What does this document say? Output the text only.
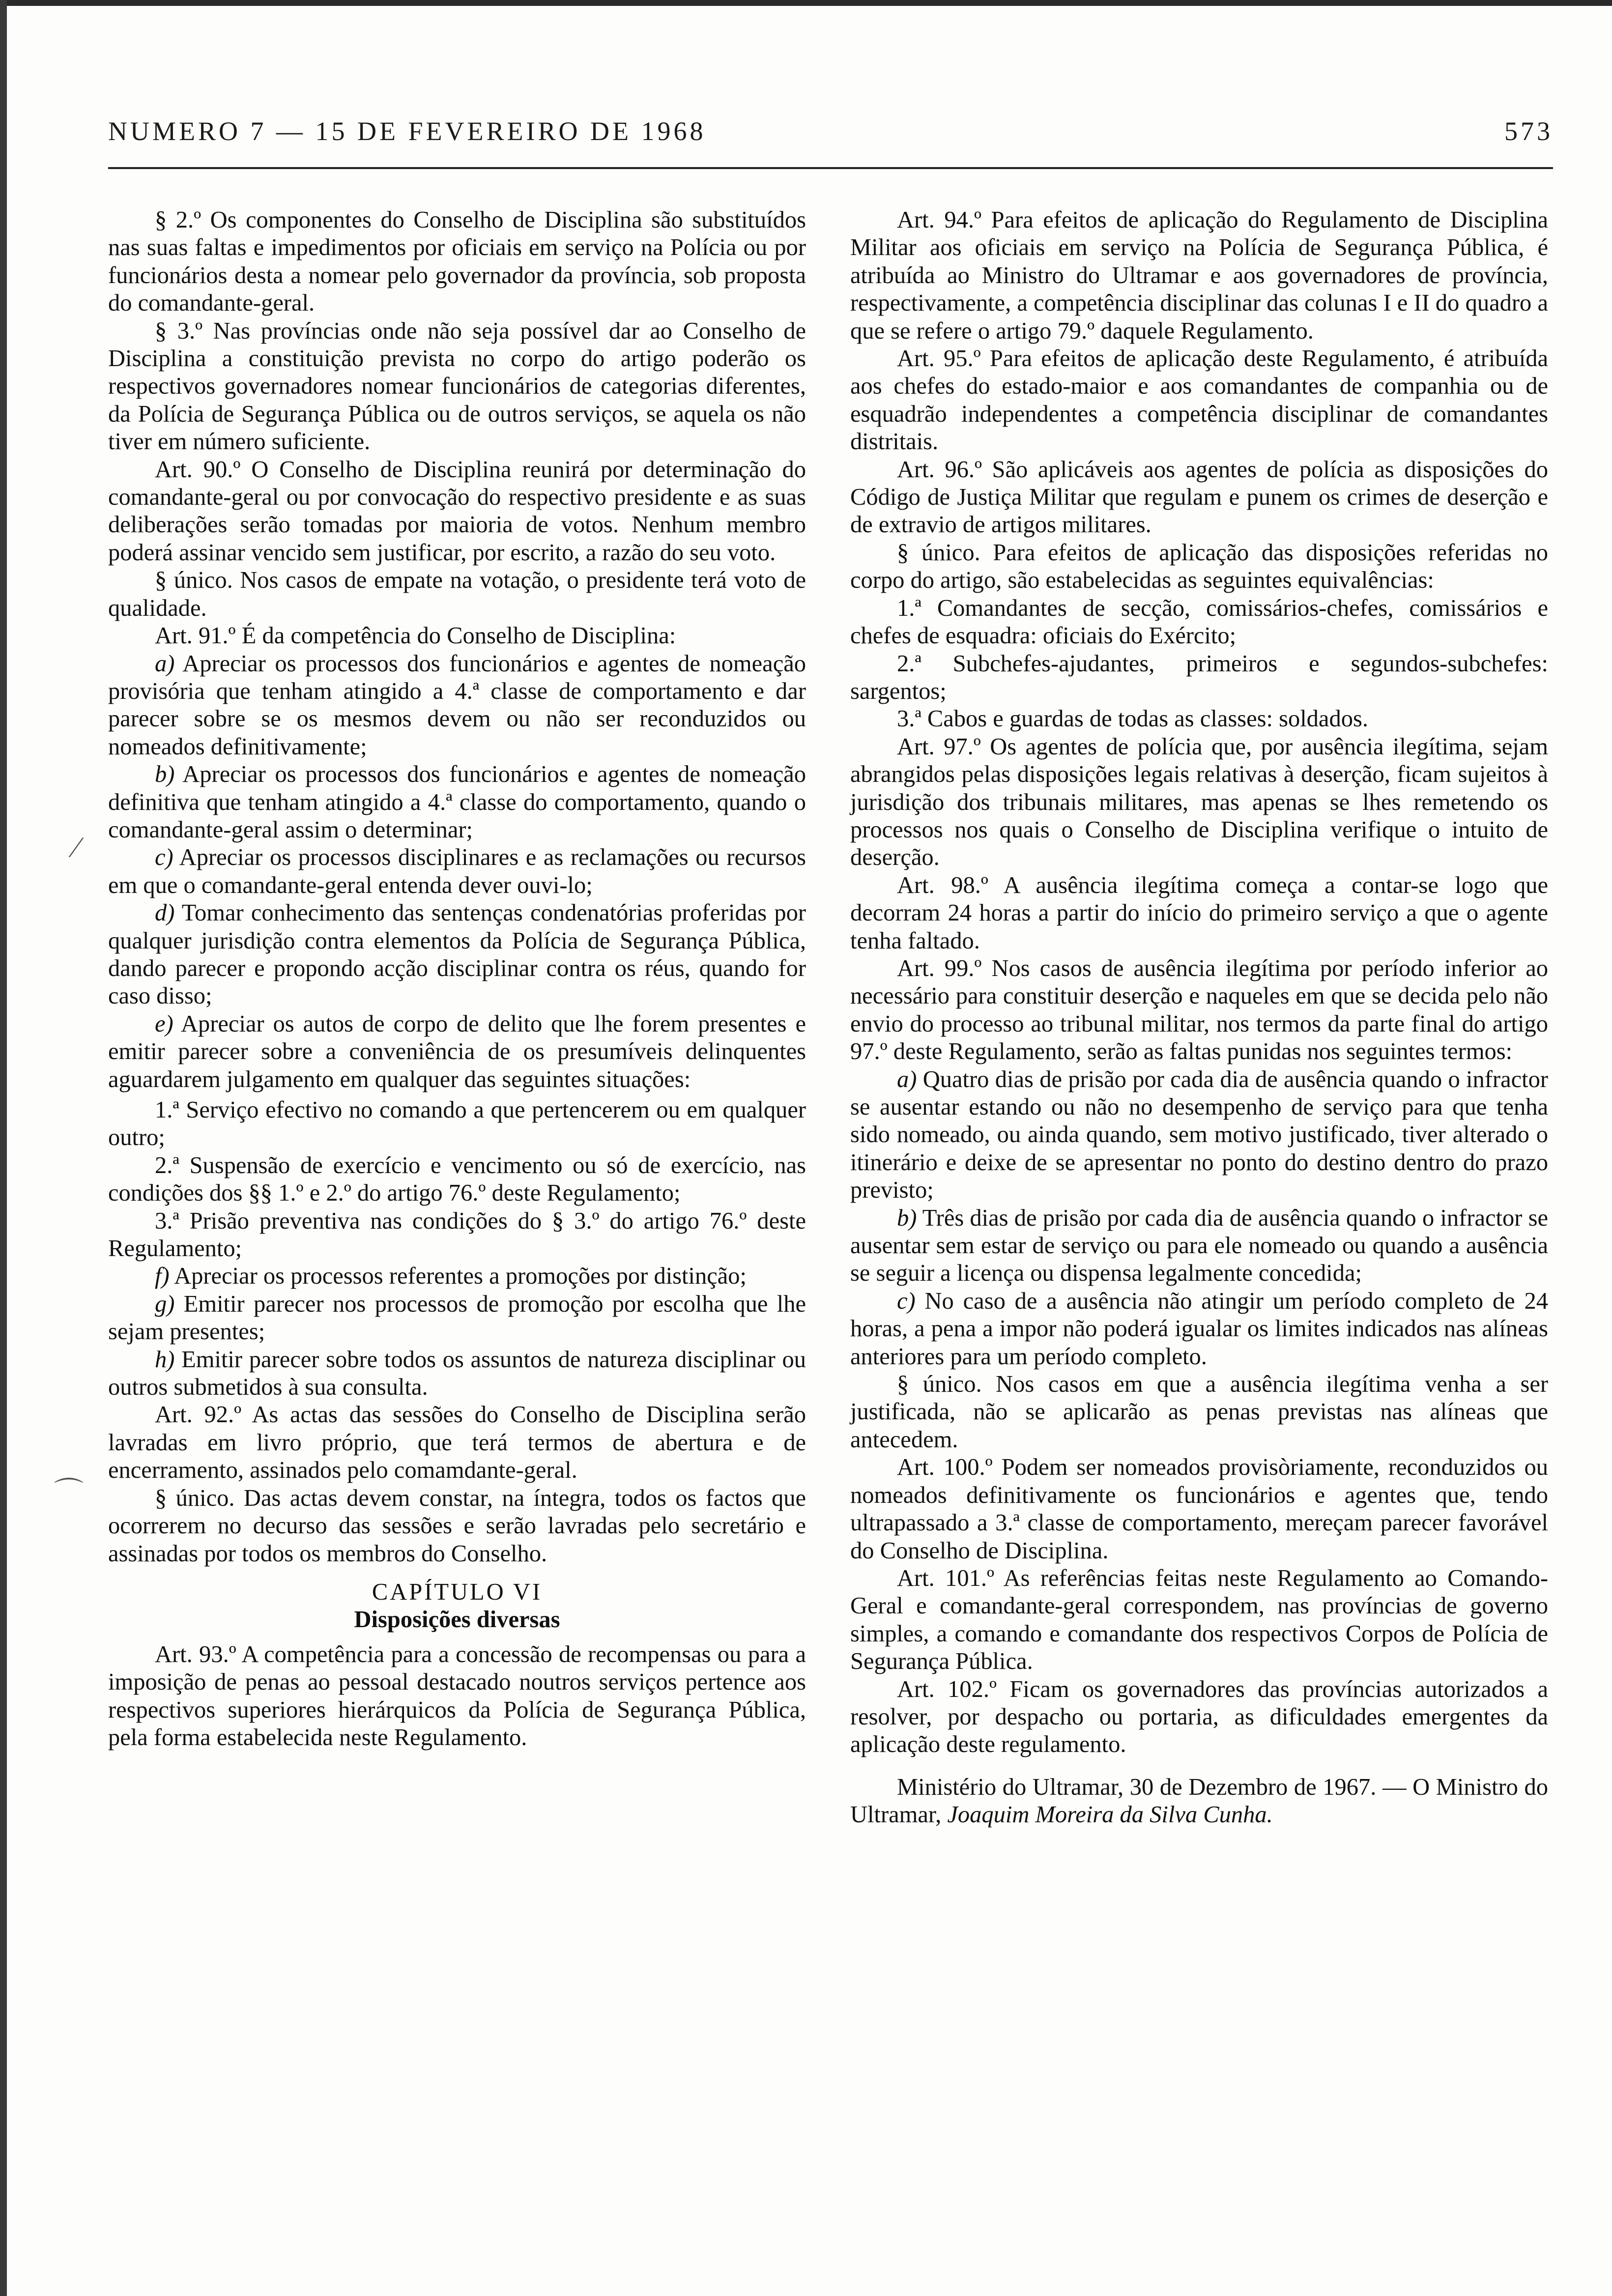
NUMERO 7 — 15 DE FEVEREIRO DE 1968	573

§ 2.º Os componentes do Conselho de Disciplina são substituídos nas suas faltas e impedimentos por oficiais em serviço na Polícia ou por funcionários desta a nomear pelo governador da província, sob proposta do comandante-geral.

§ 3.º Nas províncias onde não seja possível dar ao Conselho de Disciplina a constituição prevista no corpo do artigo poderão os respectivos governadores nomear funcionários de categorias diferentes, da Polícia de Segurança Pública ou de outros serviços, se aquela os não tiver em número suficiente.

Art. 90.º O Conselho de Disciplina reunirá por determinação do comandante-geral ou por convocação do respectivo presidente e as suas deliberações serão tomadas por maioria de votos. Nenhum membro poderá assinar vencido sem justificar, por escrito, a razão do seu voto.

§ único. Nos casos de empate na votação, o presidente terá voto de qualidade.

Art. 91.º É da competência do Conselho de Disciplina:

a) Apreciar os processos dos funcionários e agentes de nomeação provisória que tenham atingido a 4.ª classe de comportamento e dar parecer sobre se os mesmos devem ou não ser reconduzidos ou nomeados definitivamente;

b) Apreciar os processos dos funcionários e agentes de nomeação definitiva que tenham atingido a 4.ª classe do comportamento, quando o comandante-geral assim o determinar;

c) Apreciar os processos disciplinares e as reclamações ou recursos em que o comandante-geral entenda dever ouvi-lo;

d) Tomar conhecimento das sentenças condenatórias proferidas por qualquer jurisdição contra elementos da Polícia de Segurança Pública, dando parecer e propondo acção disciplinar contra os réus, quando for caso disso;

e) Apreciar os autos de corpo de delito que lhe forem presentes e emitir parecer sobre a conveniência de os presumíveis delinquentes aguardarem julgamento em qualquer das seguintes situações:

1.ª Serviço efectivo no comando a que pertencerem ou em qualquer outro;

2.ª Suspensão de exercício e vencimento ou só de exercício, nas condições dos §§ 1.º e 2.º do artigo 76.º deste Regulamento;

3.ª Prisão preventiva nas condições do § 3.º do artigo 76.º deste Regulamento;

f) Apreciar os processos referentes a promoções por distinção;

g) Emitir parecer nos processos de promoção por escolha que lhe sejam presentes;

h) Emitir parecer sobre todos os assuntos de natureza disciplinar ou outros submetidos à sua consulta.

Art. 92.º As actas das sessões do Conselho de Disciplina serão lavradas em livro próprio, que terá termos de abertura e de encerramento, assinados pelo comamdante-geral.

§ único. Das actas devem constar, na íntegra, todos os factos que ocorrerem no decurso das sessões e serão lavradas pelo secretário e assinadas por todos os membros do Conselho.

CAPÍTULO VI

Disposições diversas

Art. 93.º A competência para a concessão de recompensas ou para a imposição de penas ao pessoal destacado noutros serviços pertence aos respectivos superiores hierárquicos da Polícia de Segurança Pública, pela forma estabelecida neste Regulamento.

Art. 94.º Para efeitos de aplicação do Regulamento de Disciplina Militar aos oficiais em serviço na Polícia de Segurança Pública, é atribuída ao Ministro do Ultramar e aos governadores de província, respectivamente, a competência disciplinar das colunas I e II do quadro a que se refere o artigo 79.º daquele Regulamento.

Art. 95.º Para efeitos de aplicação deste Regulamento, é atribuída aos chefes do estado-maior e aos comandantes de companhia ou de esquadrão independentes a competência disciplinar de comandantes distritais.

Art. 96.º São aplicáveis aos agentes de polícia as disposições do Código de Justiça Militar que regulam e punem os crimes de deserção e de extravio de artigos militares.

§ único. Para efeitos de aplicação das disposições referidas no corpo do artigo, são estabelecidas as seguintes equivalências:

1.ª Comandantes de secção, comissários-chefes, comissários e chefes de esquadra: oficiais do Exército;

2.ª Subchefes-ajudantes, primeiros e segundos-subchefes: sargentos;

3.ª Cabos e guardas de todas as classes: soldados.

Art. 97.º Os agentes de polícia que, por ausência ilegítima, sejam abrangidos pelas disposições legais relativas à deserção, ficam sujeitos à jurisdição dos tribunais militares, mas apenas se lhes remetendo os processos nos quais o Conselho de Disciplina verifique o intuito de deserção.

Art. 98.º A ausência ilegítima começa a contar-se logo que decorram 24 horas a partir do início do primeiro serviço a que o agente tenha faltado.

Art. 99.º Nos casos de ausência ilegítima por período inferior ao necessário para constituir deserção e naqueles em que se decida pelo não envio do processo ao tribunal militar, nos termos da parte final do artigo 97.º deste Regulamento, serão as faltas punidas nos seguintes termos:

a) Quatro dias de prisão por cada dia de ausência quando o infractor se ausentar estando ou não no desempenho de serviço para que tenha sido nomeado, ou ainda quando, sem motivo justificado, tiver alterado o itinerário e deixe de se apresentar no ponto do destino dentro do prazo previsto;

b) Três dias de prisão por cada dia de ausência quando o infractor se ausentar sem estar de serviço ou para ele nomeado ou quando a ausência se seguir a licença ou dispensa legalmente concedida;

c) No caso de a ausência não atingir um período completo de 24 horas, a pena a impor não poderá igualar os limites indicados nas alíneas anteriores para um período completo.

§ único. Nos casos em que a ausência ilegítima venha a ser justificada, não se aplicarão as penas previstas nas alíneas que antecedem.

Art. 100.º Podem ser nomeados provisòriamente, reconduzidos ou nomeados definitivamente os funcionários e agentes que, tendo ultrapassado a 3.ª classe de comportamento, mereçam parecer favorável do Conselho de Disciplina.

Art. 101.º As referências feitas neste Regulamento ao Comando-Geral e comandante-geral correspondem, nas províncias de governo simples, a comando e comandante dos respectivos Corpos de Polícia de Segurança Pública.

Art. 102.º Ficam os governadores das províncias autorizados a resolver, por despacho ou portaria, as dificuldades emergentes da aplicação deste regulamento.

Ministério do Ultramar, 30 de Dezembro de 1967. — O Ministro do Ultramar, Joaquim Moreira da Silva Cunha.

⁄
⌒
